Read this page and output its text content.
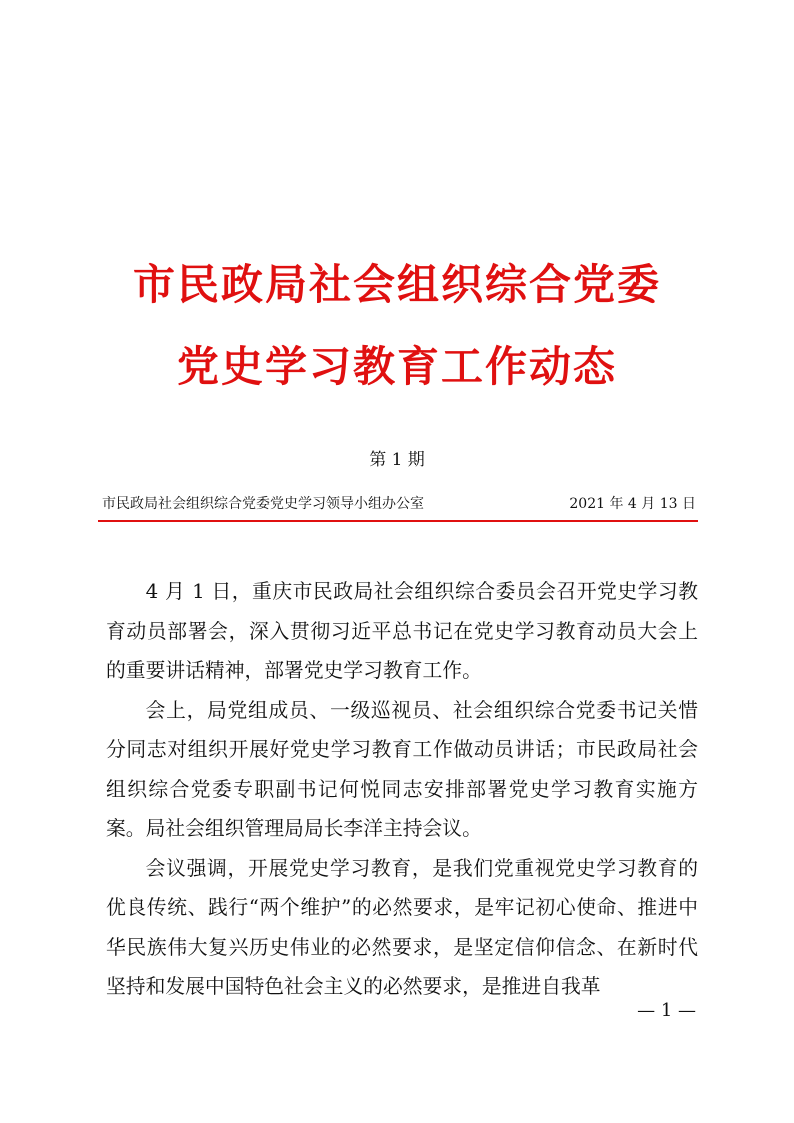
市民政局社会组织综合党委
党史学习教育工作动态
第 1 期
市民政局社会组织综合党委党史学习领导小组办公室	2021 年 4 月 13 日

4 月 1 日，重庆市民政局社会组织综合委员会召开党史学习教育动员部署会，深入贯彻习近平总书记在党史学习教育动员大会上的重要讲话精神，部署党史学习教育工作。

会上，局党组成员、一级巡视员、社会组织综合党委书记关惜分同志对组织开展好党史学习教育工作做动员讲话；市民政局社会组织综合党委专职副书记何悦同志安排部署党史学习教育实施方案。局社会组织管理局局长李洋主持会议。

会议强调，开展党史学习教育，是我们党重视党史学习教育的优良传统、践行“两个维护”的必然要求，是牢记初心使命、推进中华民族伟大复兴历史伟业的必然要求，是坚定信仰信念、在新时代坚持和发展中国特色社会主义的必然要求，是推进自我革

— 1 —
